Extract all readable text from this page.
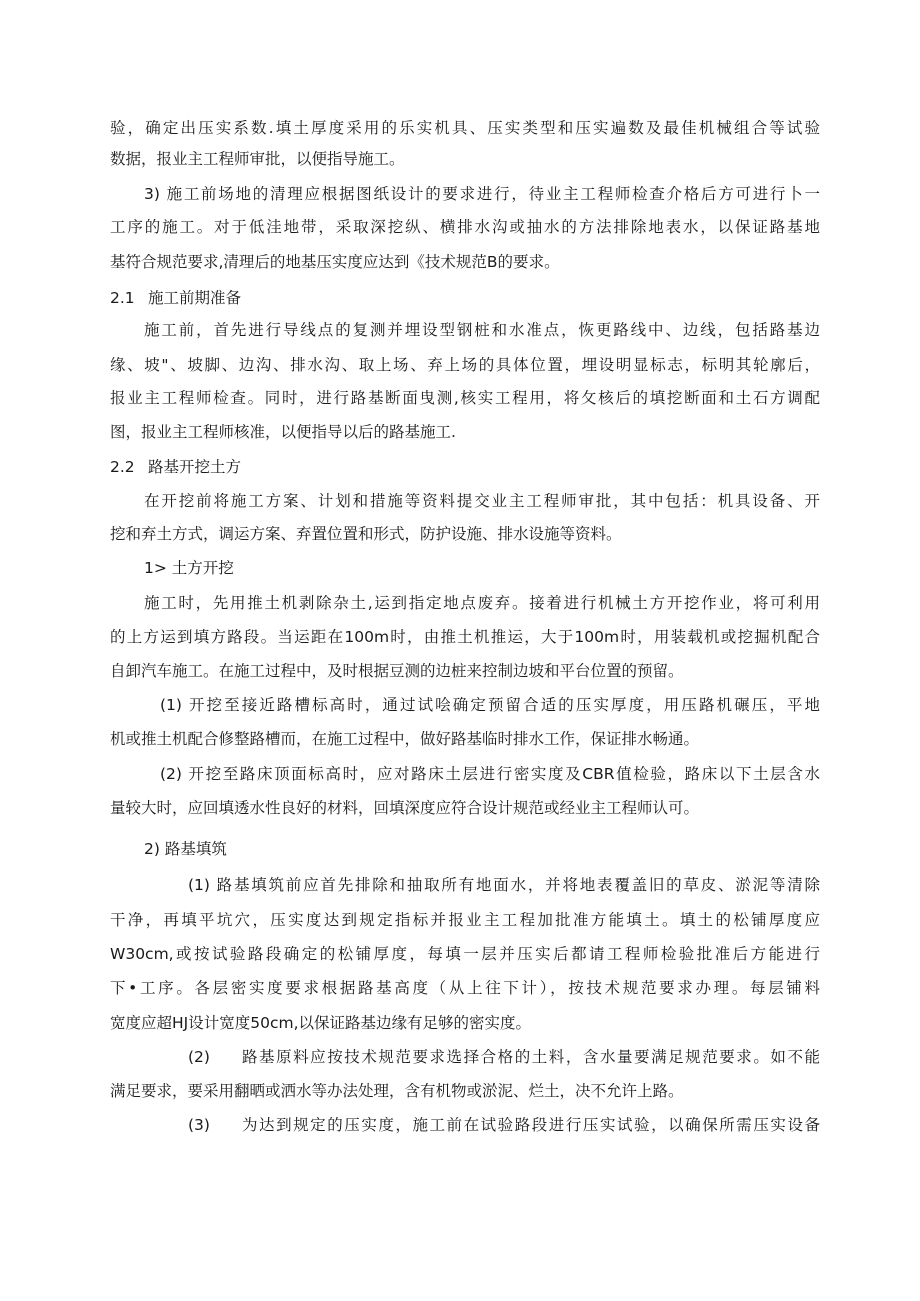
验，确定出压实系数.填土厚度采用的乐实机具、压实类型和压实遍数及最佳机械组合等试验
数据，报业主工程师审批，以便指导施工。
3) 施工前场地的清理应根据图纸设计的要求进行，待业主工程师检查介格后方可进行卜一
工序的施工。对于低洼地带，采取深挖纵、横排水沟或抽水的方法排除地表水，以保证路基地
基符合规范要求,清理后的地基压实度应达到《技术规范B的要求。
2.1 施工前期准备
施工前，首先进行导线点的复测并埋设型钢桩和水准点，恢更路线中、边线，包括路基边
缘、坡"、坡脚、边沟、排水沟、取上场、弃上场的具体位置，埋设明显标志，标明其轮廓后，
报业主工程师检查。同时，进行路基断面曳测,核实工程用，将攵核后的填挖断面和土石方调配
图，报业主工程师核准，以便指导以后的路基施工.
2.2 路基开挖土方
在开挖前将施工方案、计划和措施等资料提交业主工程师审批，其中包括：机具设备、开
挖和弃土方式，调运方案、弃置位置和形式，防护设施、排水设施等资料。
1> 土方开挖
施工时，先用推土机剥除杂土,运到指定地点废弃。接着进行机械土方开挖作业，将可利用
的上方运到填方路段。当运距在100m时，由推土机推运，大于100m时，用装载机或挖掘机配合
自卸汽车施工。在施工过程中，及时根据豆测的边桩来控制边坡和平台位置的预留。
(1) 开挖至接近路槽标高时，通过试哙确定预留合适的压实厚度，用压路机碾压，平地
机或推土机配合修整路槽而，在施工过程中，做好路基临时排水工作，保证排水畅通。
(2) 开挖至路床顶面标高时，应对路床土层进行密实度及CBR值检验，路床以下土层含水
量较大时，应回填透水性良好的材料，回填深度应符合设计规范或经业主工程师认可。
2) 路基填筑
(1) 路基填筑前应首先排除和抽取所有地面水，并将地表覆盖旧的草皮、淤泥等清除
干净，再填平坑穴，压实度达到规定指标并报业主工程加批准方能填土。填土的松铺厚度应
W30cm,或按试验路段确定的松铺厚度，每填一层并压实后都请工程师检验批准后方能进行
下•工序。各层密实度要求根据路基高度（从上往下计），按技术规范要求办理。每层铺料
宽度应超HJ设计宽度50cm,以保证路基边缘有足够的密实度。
(2) 路基原料应按技术规范要求选择合格的土料，含水量要满足规范要求。如不能
满足要求，要采用翻晒或洒水等办法处理，含有机物或淤泥、烂土，决不允许上路。
(3) 为达到规定的压实度，施工前在试验路段进行压实试验，以确保所需压实设备
